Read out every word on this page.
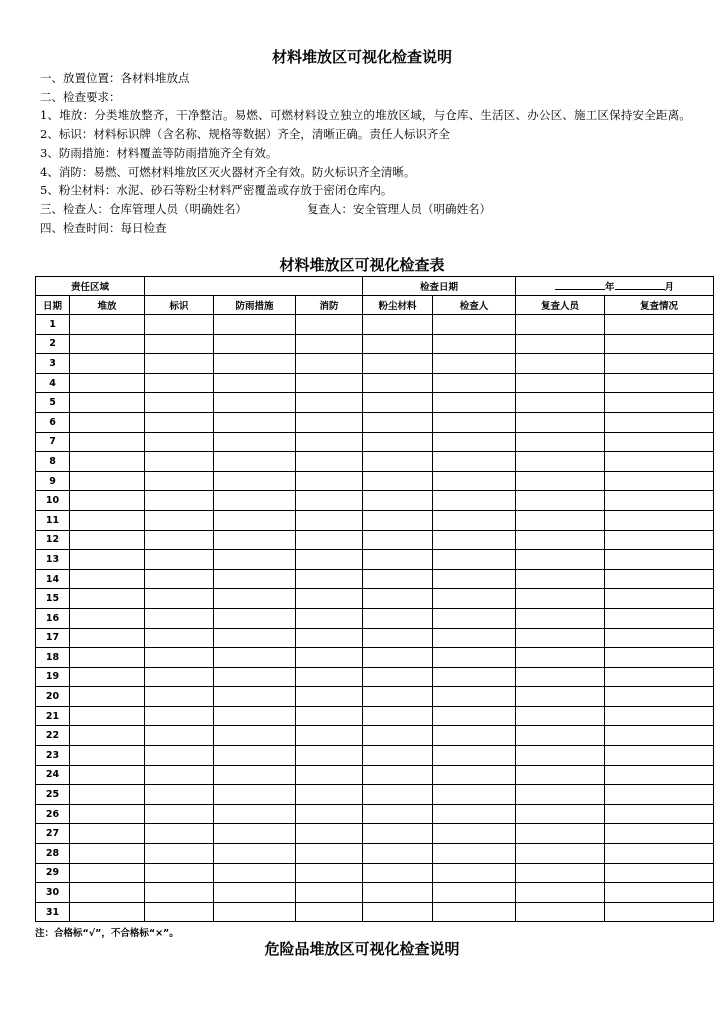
材料堆放区可视化检查说明

一、放置位置：各材料堆放点

二、检查要求：

1、堆放：分类堆放整齐，干净整洁。易燃、可燃材料设立独立的堆放区域，与仓库、生活区、办公区、施工区保持安全距离。

2、标识：材料标识牌（含名称、规格等数据）齐全，清晰正确。责任人标识齐全

3、防雨措施：材料覆盖等防雨措施齐全有效。

4、消防：易燃、可燃材料堆放区灭火器材齐全有效。防火标识齐全清晰。

5、粉尘材料：水泥、砂石等粉尘材料严密覆盖或存放于密闭仓库内。

三、检查人：仓库管理人员（明确姓名）	复查人：安全管理人员（明确姓名）

四、检查时间：每日检查

材料堆放区可视化检查表
责任区域					检查日期		年 月	
日期	堆放	标识	防雨措施	消防	粉尘材料	检查人	复查人员	复查情况
1								
2								
3								
4								
5								
6								
7								
8								
9								
10								
11								
12								
13								
14								
15								
16								
17								
18								
19								
20								
21								
22								
23								
24								
25								
26								
27								
28								
29								
30								
31								
注：合格标“√”，不合格标“×”。
危险品堆放区可视化检查说明
